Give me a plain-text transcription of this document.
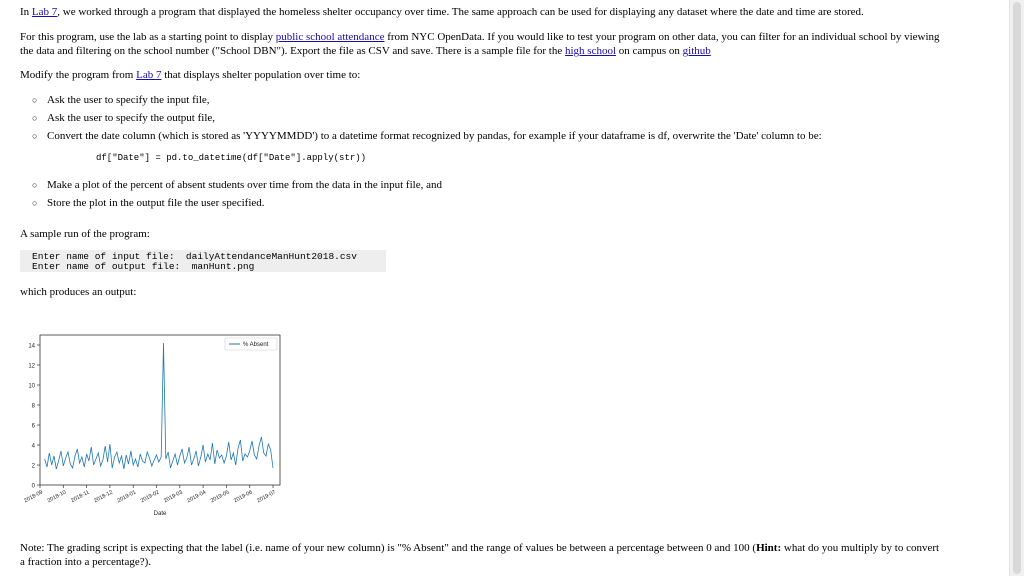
In Lab 7, we worked through a program that displayed the homeless shelter occupancy over time. The same approach can be used for displaying any dataset where the date and time are stored.

For this program, use the lab as a starting point to display public school attendance from NYC OpenData. If you would like to test your program on other data, you can filter for an individual school by viewing
the data and filtering on the school number ("School DBN"). Export the file as CSV and save. There is a sample file for the high school on campus on github

Modify the program from Lab 7 that displays shelter population over time to:

○ Ask the user to specify the input file,
○ Ask the user to specify the output file,
○ Convert the date column (which is stored as 'YYYYMMDD') to a datetime format recognized by pandas, for example if your dataframe is df, overwrite the 'Date' column to be:
df["Date"] = pd.to_datetime(df["Date"].apply(str))
○ Make a plot of the percent of absent students over time from the data in the input file, and
○ Store the plot in the output file the user specified.

A sample run of the program:

Enter name of input file:  dailyAttendanceManHunt2018.csv
Enter name of output file:  manHunt.png

which produces an output:

0
2
4
6
8
10
12
14
2018-09 2018-10 2018-11 2018-12 2019-01 2019-02 2019-03 2019-04 2019-05 2019-06 2019-07
Date
% Absent

Note: The grading script is expecting that the label (i.e. name of your new column) is "% Absent" and the range of values be between a percentage between 0 and 100 (Hint: what do you multiply by to convert
a fraction into a percentage?).
